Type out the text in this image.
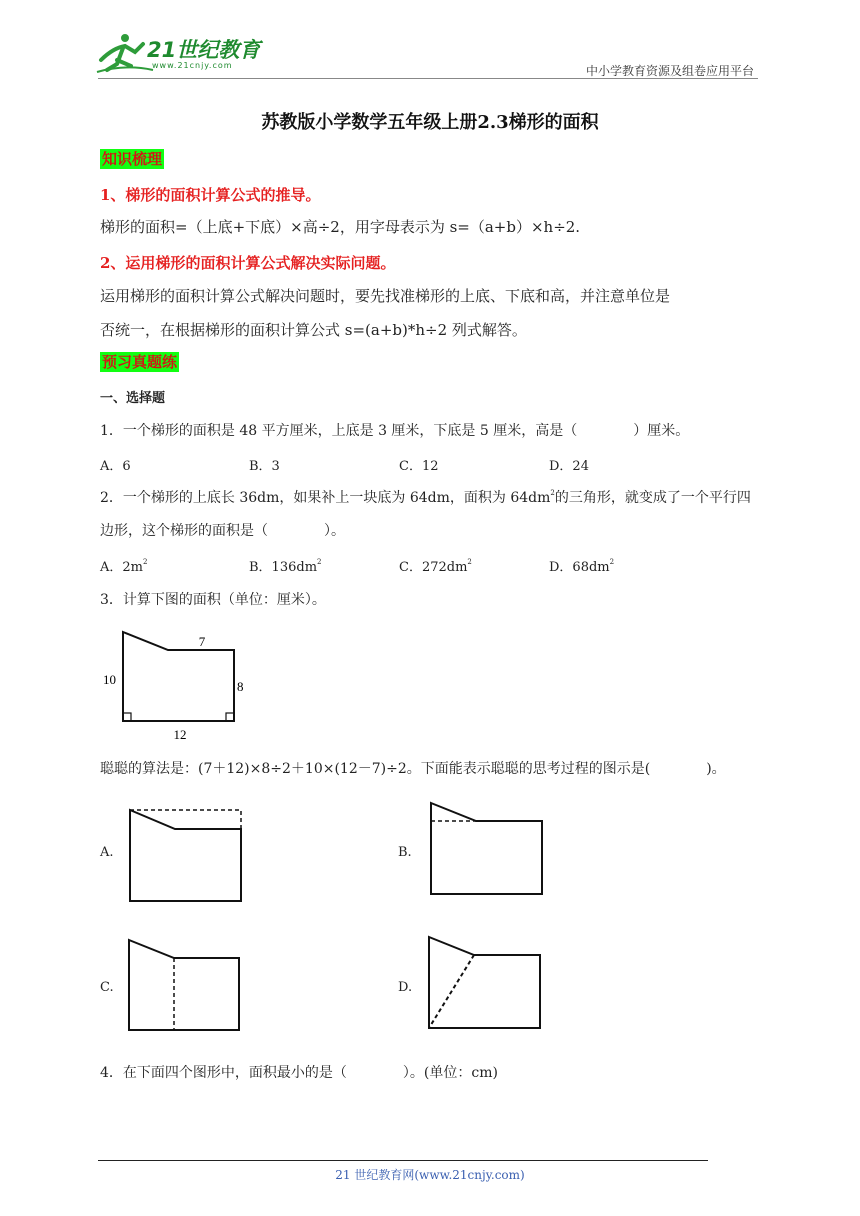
21世纪教育
www.21cnjy.com	中小学教育资源及组卷应用平台
苏教版小学数学五年级上册2.3梯形的面积
知识梳理
1、梯形的面积计算公式的推导。
梯形的面积=（上底+下底）×高÷2，用字母表示为 s=（a+b）×h÷2.
2、运用梯形的面积计算公式解决实际问题。
运用梯形的面积计算公式解决问题时，要先找准梯形的上底、下底和高，并注意单位是
否统一，在根据梯形的面积计算公式 s=(a+b)*h÷2 列式解答。
预习真题练
一、选择题
1．一个梯形的面积是 48 平方厘米，上底是 3 厘米，下底是 5 厘米，高是（　　　　）厘米。
A．6	B．3	C．12	D．24
2．一个梯形的上底长 36dm，如果补上一块底为 64dm，面积为 $64dm^2$的三角形，就变成了一个平行四
边形，这个梯形的面积是（　　　　）。
A．$2m^2$	B．$136dm^2$	C．$272dm^2$	D．$68dm^2$
3．计算下图的面积（单位：厘米）。
7
10	8
12
聪聪的算法是：(7＋12)×8÷2＋10×(12－7)÷2。下面能表示聪聪的思考过程的图示是(　　　　)。
A.	B.
C.	D.
4．在下面四个图形中，面积最小的是（　　　　）。(单位：cm)
21 世纪教育网(www.21cnjy.com)
